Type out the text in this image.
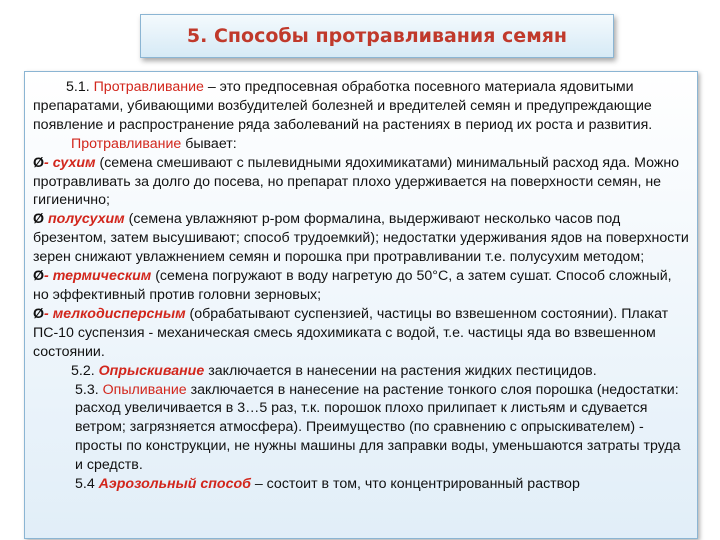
5. Способы протравливания семян

5.1. Протравливание – это предпосевная обработка посевного материала ядовитыми препаратами, убивающими возбудителей болезней и вредителей семян и предупреждающие появление и распространение ряда заболеваний на растениях в период их роста и развития.

Протравливание бывает:

Ø- сухим (семена смешивают с пылевидными ядохимикатами) минимальный расход яда. Можно протравливать за долго до посева, но препарат плохо удерживается на поверхности семян, не гигиенично;

Ø полусухим (семена увлажняют р-ром формалина, выдерживают несколько часов под брезентом, затем высушивают; способ трудоемкий); недостатки удерживания ядов на поверхности зерен снижают увлажнением семян и порошка при протравливании т.е. полусухим методом;

Ø- термическим (семена погружают в воду нагретую до 50°С, а затем сушат. Способ сложный, но эффективный против головни зерновых;

Ø- мелкодисперсным (обрабатывают суспензией, частицы во взвешенном состоянии). Плакат ПС-10 суспензия - механическая смесь ядохимиката с водой, т.е. частицы яда во взвешенном состоянии.

5.2. Опрыскивание заключается в нанесении на растения жидких пестицидов.

5.3. Опыливание заключается в нанесение на растение тонкого слоя порошка (недостатки: расход увеличивается в 3…5 раз, т.к. порошок плохо прилипает к листьям и сдувается ветром; загрязняется атмосфера). Преимущество (по сравнению с опрыскивателем) - просты по конструкции, не нужны машины для заправки воды, уменьшаются затраты труда и средств.

5.4 Аэрозольный способ – состоит в том, что концентрированный раствор
